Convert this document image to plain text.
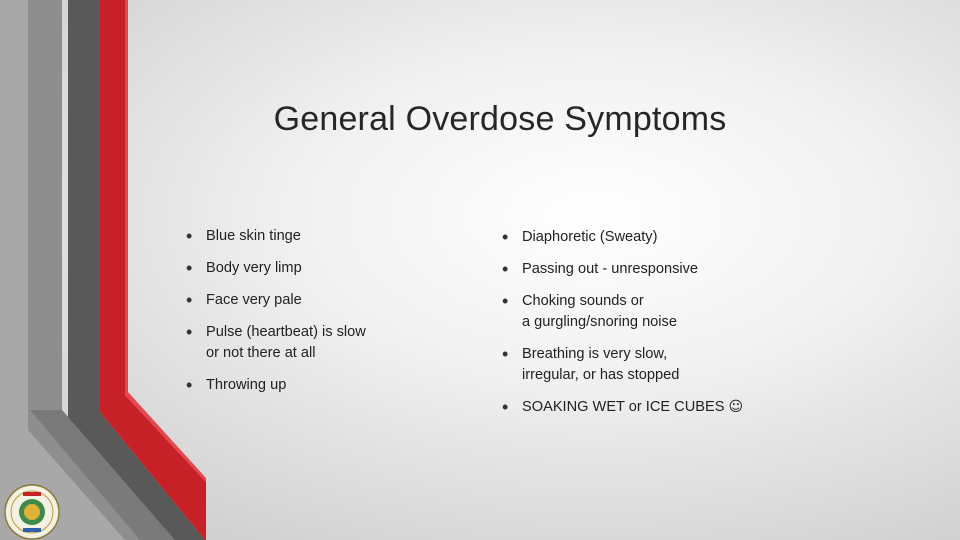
General Overdose Symptoms
• Blue skin tinge
• Body very limp
• Face very pale
• Pulse (heartbeat) is slow
or not there at all
• Throwing up
• Diaphoretic (Sweaty)
• Passing out - unresponsive
• Choking sounds or
a gurgling/snoring noise
• Breathing is very slow,
irregular, or has stopped
• SOAKING WET or ICE CUBES ☺
